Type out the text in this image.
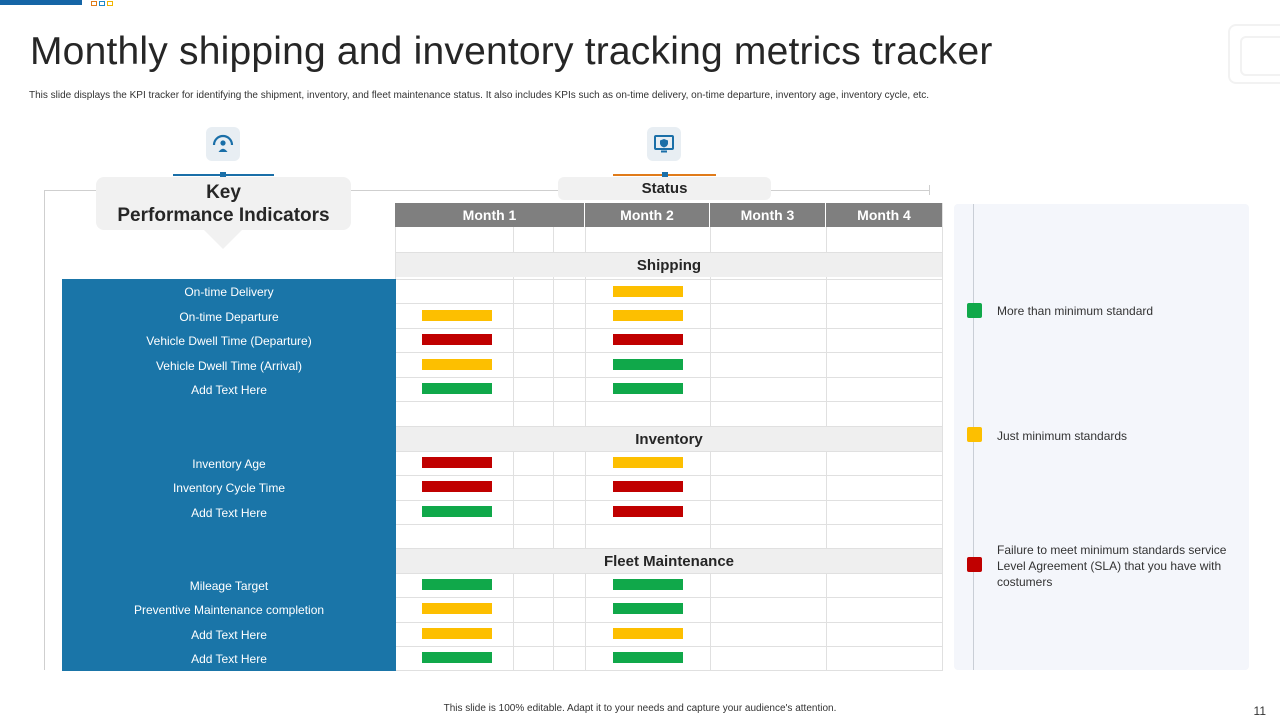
Monthly shipping and inventory tracking metrics tracker

This slide displays the KPI tracker for identifying the shipment, inventory, and fleet maintenance status. It also includes KPIs such as on-time delivery, on-time departure, inventory age, inventory cycle, etc.

Key
Performance Indicators
Status
Month 1	Month 2	Month 3	Month 4
Shipping
Inventory
Fleet Maintenance
On-time Delivery
On-time Departure
Vehicle Dwell Time (Departure)
Vehicle Dwell Time (Arrival)
Add Text Here
Inventory Age
Inventory Cycle Time
Add Text Here
Mileage Target
Preventive Maintenance completion
Add Text Here
Add Text Here
More than minimum standard
Just minimum standards
Failure to meet minimum standards service Level Agreement (SLA) that you have with costumers
This slide is 100% editable. Adapt it to your needs and capture your audience's attention.	11
